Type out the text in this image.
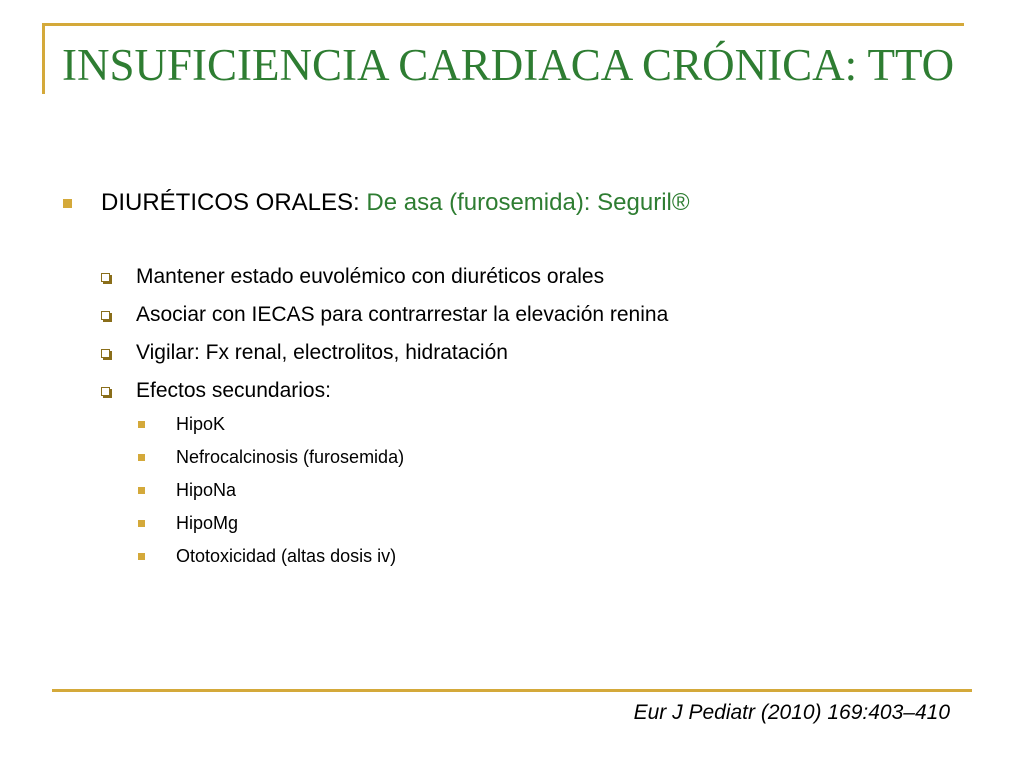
INSUFICIENCIA CARDIACA CRÓNICA: TTO
DIURÉTICOS ORALES: De asa (furosemida): Seguril®
Mantener estado euvolémico con diuréticos orales
Asociar con IECAS para contrarrestar la elevación renina
Vigilar: Fx renal, electrolitos, hidratación
Efectos secundarios:
HipoK
Nefrocalcinosis (furosemida)
HipoNa
HipoMg
Ototoxicidad (altas dosis iv)
Eur J Pediatr (2010) 169:403–410
